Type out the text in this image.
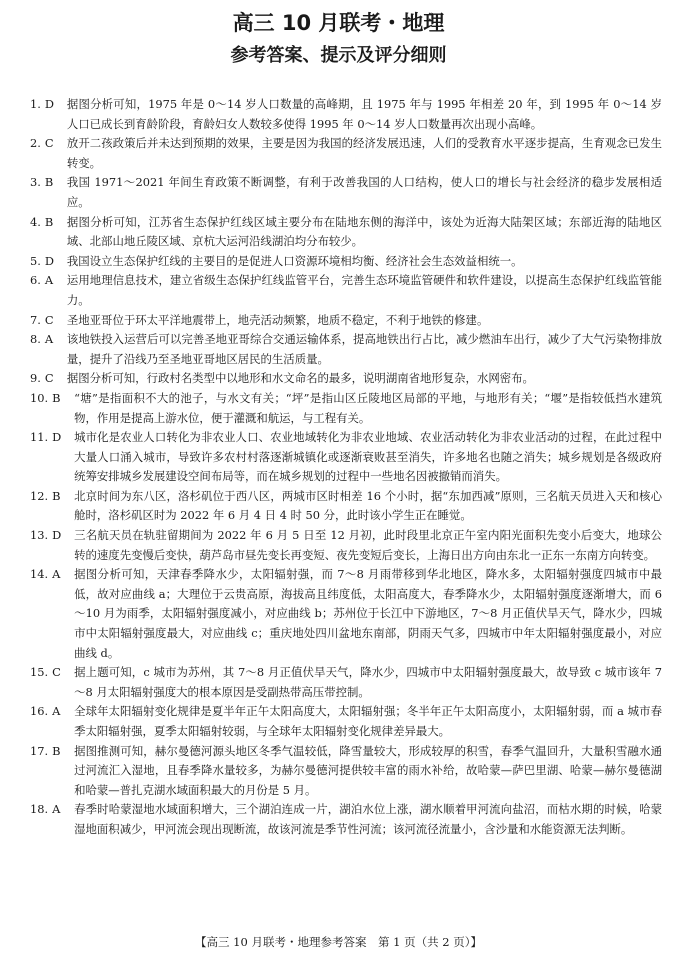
高三 10 月联考・地理
参考答案、提示及评分细则
1. D	据图分析可知，1975 年是 0～14 岁人口数量的高峰期，且 1975 年与 1995 年相差 20 年，到 1995 年 0～14 岁人口已成长到育龄阶段，育龄妇女人数较多使得 1995 年 0～14 岁人口数量再次出现小高峰。
2. C	放开二孩政策后并未达到预期的效果，主要是因为我国的经济发展迅速，人们的受教育水平逐步提高，生育观念已发生转变。
3. B	我国 1971～2021 年间生育政策不断调整，有利于改善我国的人口结构，使人口的增长与社会经济的稳步发展相适应。
4. B	据图分析可知，江苏省生态保护红线区域主要分布在陆地东侧的海洋中，该处为近海大陆架区域；东部近海的陆地区域、北部山地丘陵区域、京杭大运河沿线湖泊均分布较少。
5. D	我国设立生态保护红线的主要目的是促进人口资源环境相均衡、经济社会生态效益相统一。
6. A	运用地理信息技术，建立省级生态保护红线监管平台，完善生态环境监管硬件和软件建设，以提高生态保护红线监管能力。
7. C	圣地亚哥位于环太平洋地震带上，地壳活动频繁，地质不稳定，不利于地铁的修建。
8. A	该地铁投入运营后可以完善圣地亚哥综合交通运输体系，提高地铁出行占比，减少燃油车出行，减少了大气污染物排放量，提升了沿线乃至圣地亚哥地区居民的生活质量。
9. C	据图分析可知，行政村名类型中以地形和水文命名的最多，说明湖南省地形复杂，水网密布。
10. B	“塘”是指面积不大的池子，与水文有关；“坪”是指山区丘陵地区局部的平地，与地形有关；“堰”是指较低挡水建筑物，作用是提高上游水位，便于灌溉和航运，与工程有关。
11. D	城市化是农业人口转化为非农业人口、农业地域转化为非农业地域、农业活动转化为非农业活动的过程，在此过程中大量人口涌入城市，导致许多农村村落逐渐城镇化或逐渐衰败甚至消失，许多地名也随之消失；城乡规划是各级政府统筹安排城乡发展建设空间布局等，而在城乡规划的过程中一些地名因被撤销而消失。
12. B	北京时间为东八区，洛杉矶位于西八区，两城市区时相差 16 个小时，据“东加西减”原则，三名航天员进入天和核心舱时，洛杉矶区时为 2022 年 6 月 4 日 4 时 50 分，此时该小学生正在睡觉。
13. D	三名航天员在轨驻留期间为 2022 年 6 月 5 日至 12 月初，此时段里北京正午室内阳光面积先变小后变大，地球公转的速度先变慢后变快，葫芦岛市昼先变长再变短、夜先变短后变长，上海日出方向由东北一正东一东南方向转变。
14. A	据图分析可知，天津春季降水少，太阳辐射强，而 7～8 月雨带移到华北地区，降水多，太阳辐射强度四城市中最低，故对应曲线 a；大理位于云贵高原，海拔高且纬度低，太阳高度大，春季降水少，太阳辐射强度逐渐增大，而 6～10 月为雨季，太阳辐射强度减小，对应曲线 b；苏州位于长江中下游地区，7～8 月正值伏旱天气，降水少，四城市中太阳辐射强度最大，对应曲线 c；重庆地处四川盆地东南部，阴雨天气多，四城市中年太阳辐射强度最小，对应曲线 d。
15. C	据上题可知，c 城市为苏州，其 7～8 月正值伏旱天气，降水少，四城市中太阳辐射强度最大，故导致 c 城市该年 7～8 月太阳辐射强度大的根本原因是受副热带高压带控制。
16. A	全球年太阳辐射变化规律是夏半年正午太阳高度大，太阳辐射强；冬半年正午太阳高度小，太阳辐射弱，而 a 城市春季太阳辐射强，夏季太阳辐射较弱，与全球年太阳辐射变化规律差异最大。
17. B	据图推测可知，赫尔曼德河源头地区冬季气温较低，降雪量较大，形成较厚的积雪，春季气温回升，大量积雪融水通过河流汇入湿地，且春季降水量较多，为赫尔曼德河提供较丰富的雨水补给，故哈蒙—萨巴里湖、哈蒙—赫尔曼德湖和哈蒙—普扎克湖水域面积最大的月份是 5 月。
18. A	春季时哈蒙湿地水域面积增大，三个湖泊连成一片，湖泊水位上涨，湖水顺着甲河流向盐沼，而枯水期的时候，哈蒙湿地面积减少，甲河流会现出现断流，故该河流是季节性河流；该河流径流量小，含沙量和水能资源无法判断。
【高三 10 月联考・地理参考答案　第 1 页（共 2 页）】
